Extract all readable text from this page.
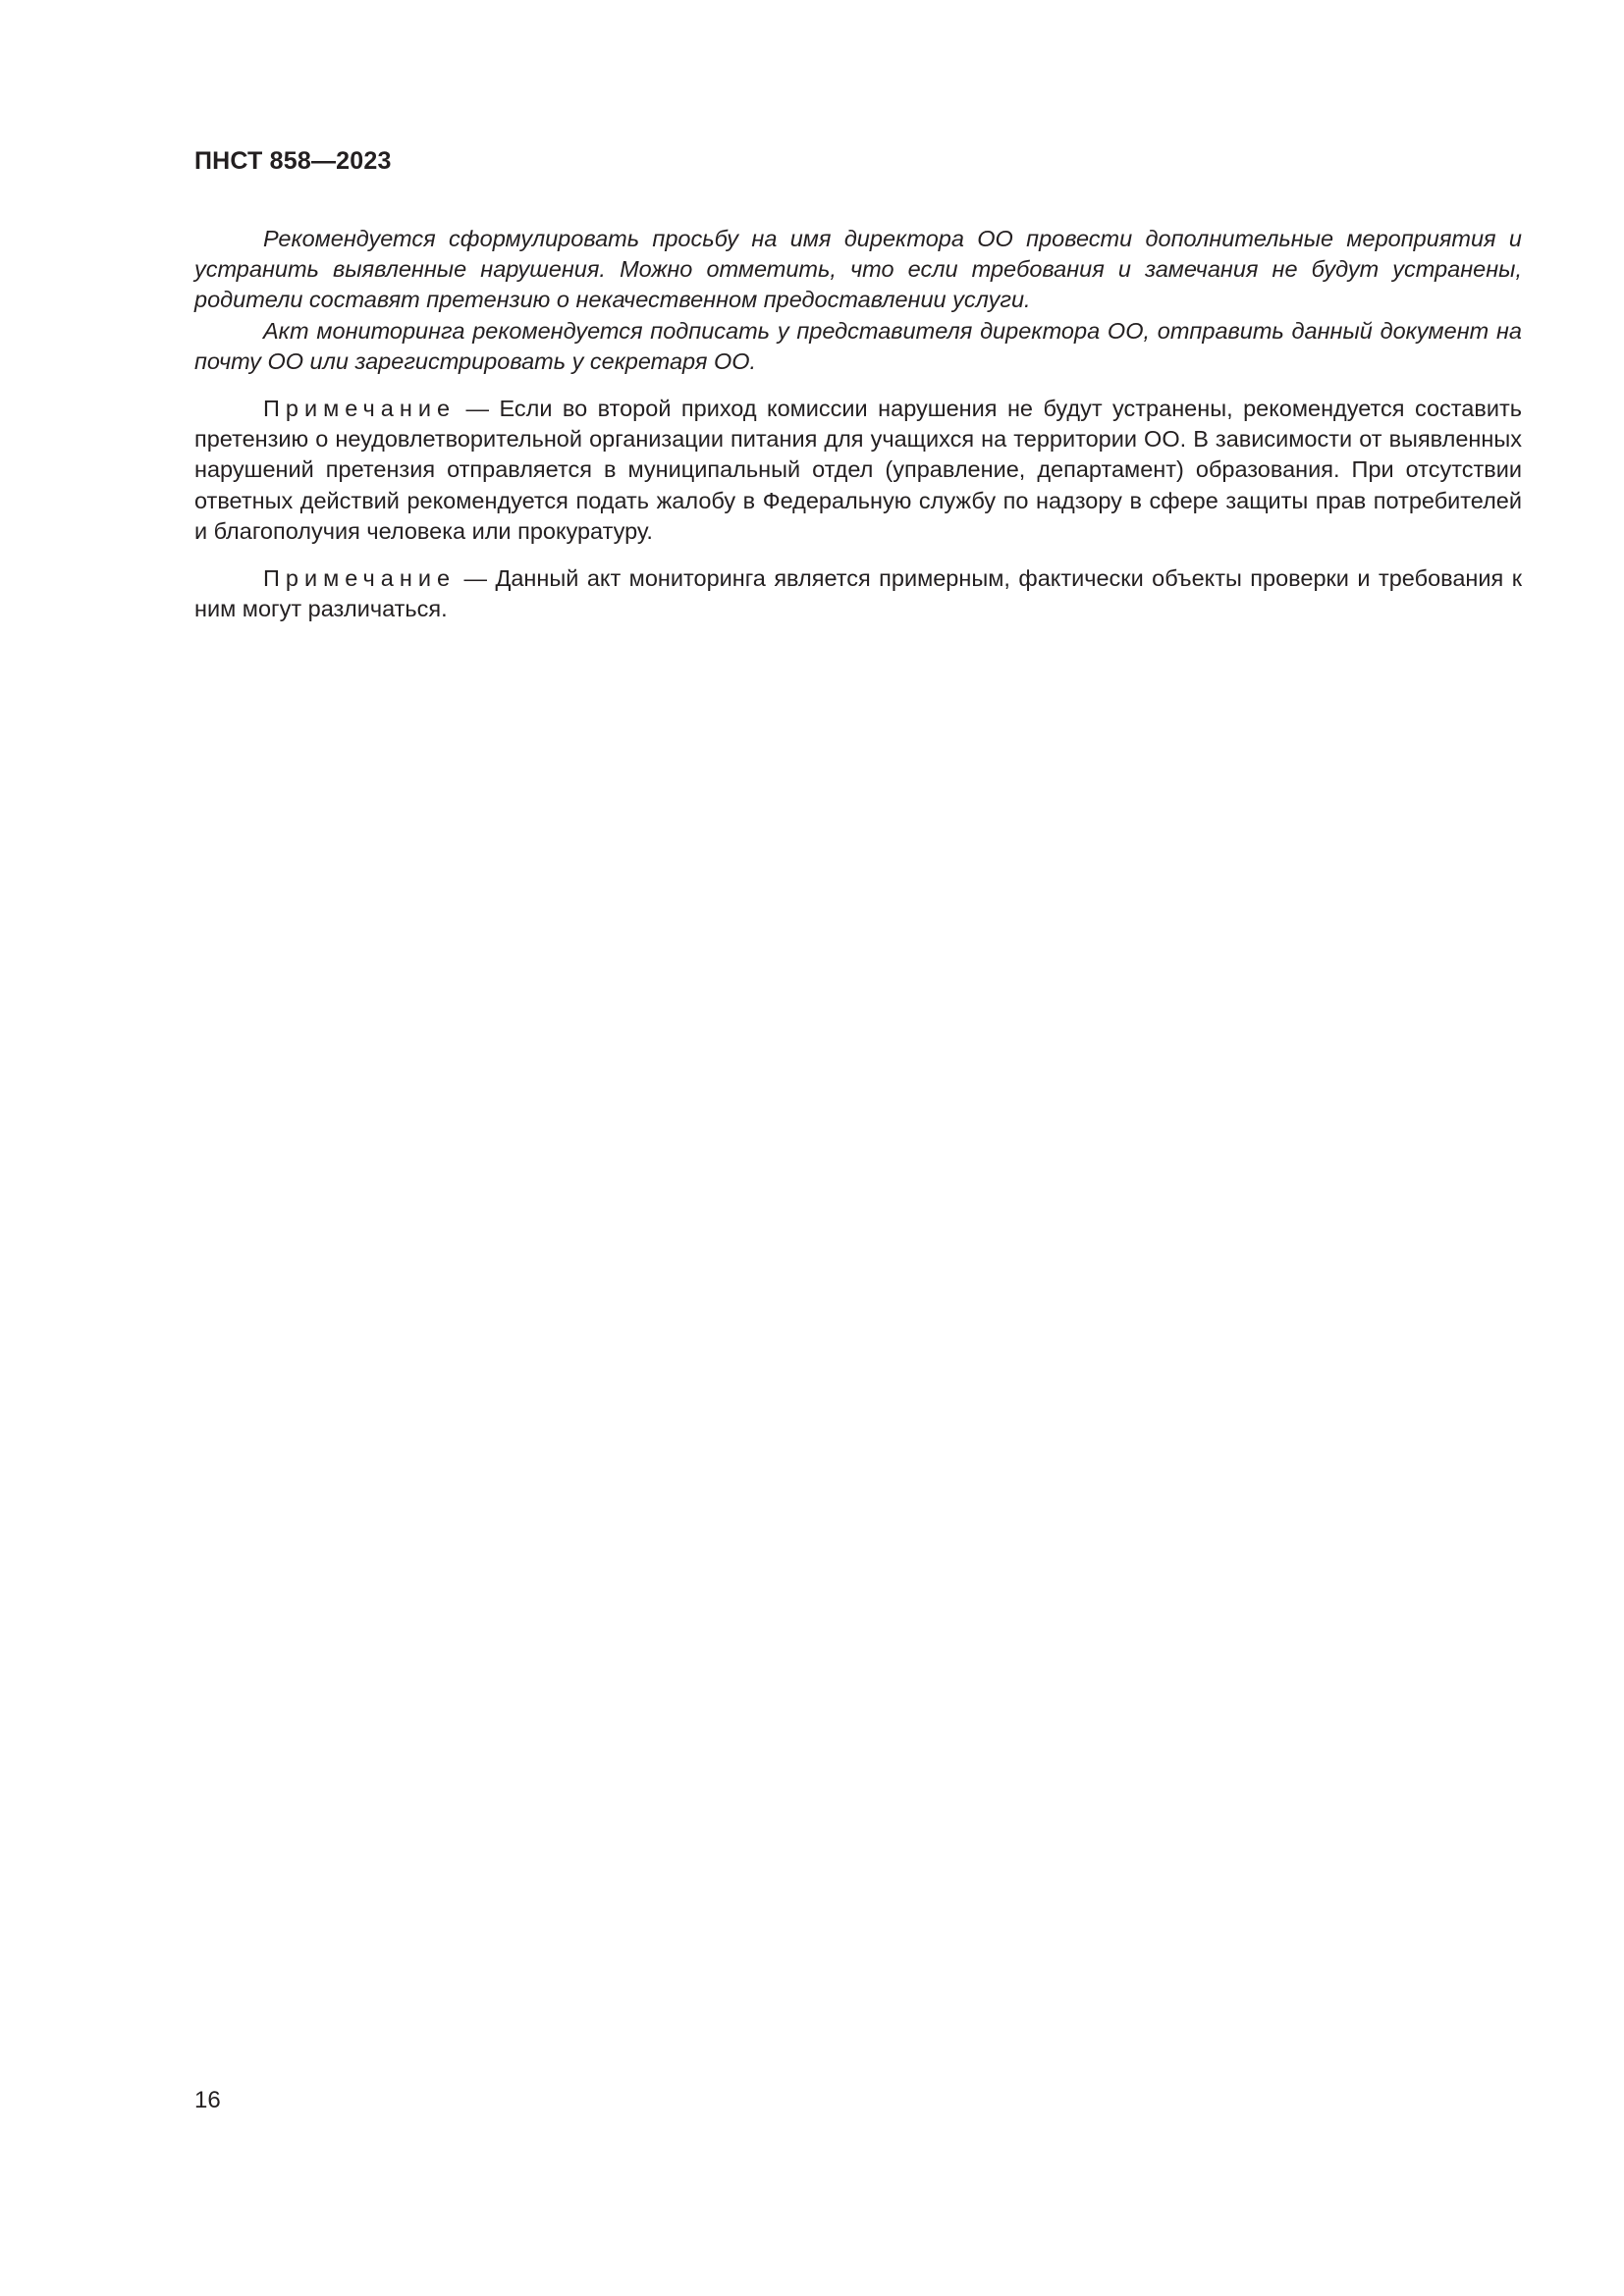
ПНСТ 858—2023

Рекомендуется сформулировать просьбу на имя директора ОО провести дополнительные мероприятия и устранить выявленные нарушения. Можно отметить, что если требования и замечания не будут устранены, родители составят претензию о некачественном предоставлении услуги.

Акт мониторинга рекомендуется подписать у представителя директора ОО, отправить данный документ на почту ОО или зарегистрировать у секретаря ОО.

Примечание — Если во второй приход комиссии нарушения не будут устранены, рекомендуется составить претензию о неудовлетворительной организации питания для учащихся на территории ОО. В зависимости от выявленных нарушений претензия отправляется в муниципальный отдел (управление, департамент) образования. При отсутствии ответных действий рекомендуется подать жалобу в Федеральную службу по надзору в сфере защиты прав потребителей и благополучия человека или прокуратуру.

Примечание — Данный акт мониторинга является примерным, фактически объекты проверки и требования к ним могут различаться.

16
